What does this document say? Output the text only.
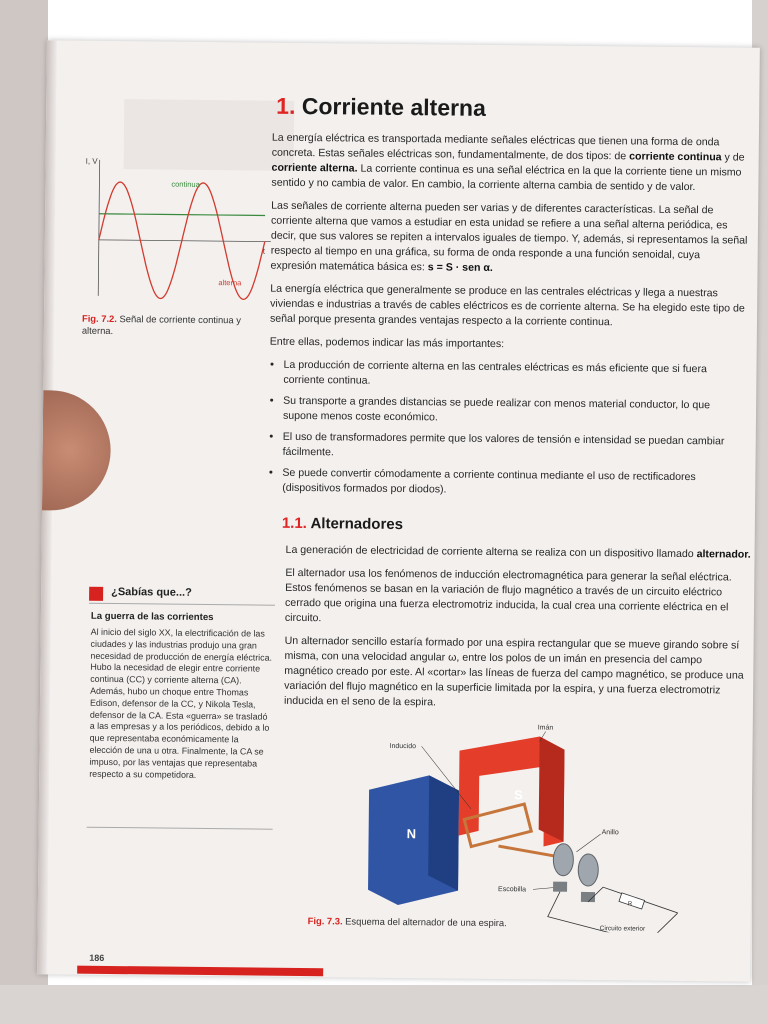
1. Corriente alterna

La energía eléctrica es transportada mediante señales eléctricas que tienen una forma de onda concreta. Estas señales eléctricas son, fundamentalmente, de dos tipos: de corriente continua y de corriente alterna. La corriente continua es una señal eléctrica en la que la corriente tiene un mismo sentido y no cambia de valor. En cambio, la corriente alterna cambia de sentido y de valor.

Las señales de corriente alterna pueden ser varias y de diferentes características. La señal de corriente alterna que vamos a estudiar en esta unidad se refiere a una señal alterna periódica, es decir, que sus valores se repiten a intervalos iguales de tiempo. Y, además, si representamos la señal respecto al tiempo en una gráfica, su forma de onda responde a una función senoidal, cuya expresión matemática básica es: s = S · sen α.

La energía eléctrica que generalmente se produce en las centrales eléctricas y llega a nuestras viviendas e industrias a través de cables eléctricos es de corriente alterna. Se ha elegido este tipo de señal porque presenta grandes ventajas respecto a la corriente continua.

Entre ellas, podemos indicar las más importantes:

• La producción de corriente alterna en las centrales eléctricas es más eficiente que si fuera corriente continua.
• Su transporte a grandes distancias se puede realizar con menos material conductor, lo que supone menos coste económico.
• El uso de transformadores permite que los valores de tensión e intensidad se puedan cambiar fácilmente.
• Se puede convertir cómodamente a corriente continua mediante el uso de rectificadores (dispositivos formados por diodos).
1.1. Alternadores

La generación de electricidad de corriente alterna se realiza con un dispositivo llamado alternador.

El alternador usa los fenómenos de inducción electromagnética para generar la señal eléctrica. Estos fenómenos se basan en la variación de flujo magnético a través de un circuito eléctrico cerrado que origina una fuerza electromotriz inducida, la cual crea una corriente eléctrica en el circuito.

Un alternador sencillo estaría formado por una espira rectangular que se mueve girando sobre sí misma, con una velocidad angular ω, entre los polos de un imán en presencia del campo magnético creado por este. Al «cortar» las líneas de fuerza del campo magnético, se produce una variación del flujo magnético en la superficie limitada por la espira, y una fuerza electromotriz inducida en el seno de la espira.

I, V
t
continua
alterna
Fig. 7.2. Señal de corriente continua y alterna.
¿Sabías que...?
La guerra de las corrientes
Al inicio del siglo XX, la electrificación de las ciudades y las industrias produjo una gran necesidad de producción de energía eléctrica. Hubo la necesidad de elegir entre corriente continua (CC) y corriente alterna (CA). Además, hubo un choque entre Thomas Edison, defensor de la CC, y Nikola Tesla, defensor de la CA. Esta «guerra» se trasladó a las empresas y a los periódicos, debido a lo que representaba económicamente la elección de una u otra. Finalmente, la CA se impuso, por las ventajas que representaba respecto a su competidora.
N
S
R
Inducido
Imán
Anillo
Escobilla
Circuito exterior
Fig. 7.3. Esquema del alternador de una espira.
186
